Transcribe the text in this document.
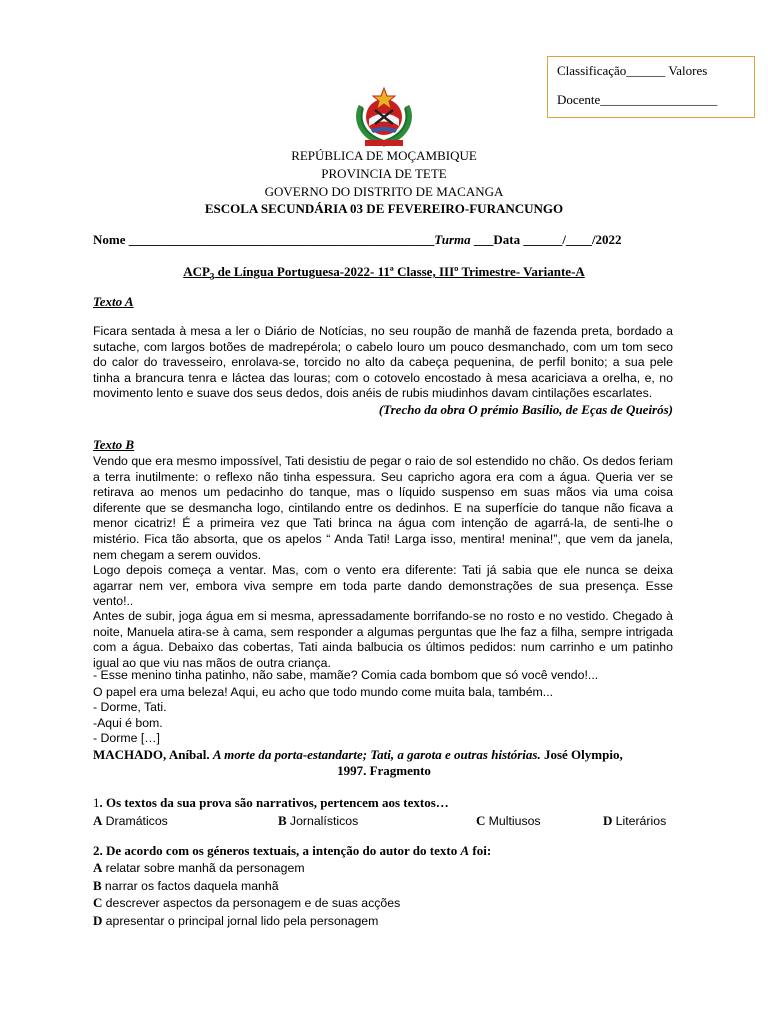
Classificação______ Valores
Docente__________________
REPÚBLICA DE MOÇAMBIQUE
PROVINCIA DE TETE
GOVERNO DO DISTRITO DE MACANGA
ESCOLA SECUNDÁRIA 03 DE FEVEREIRO-FURANCUNGO
Nome _______________________________________________Turma ___Data ______/____/2022
$ACP_3$ de Língua Portuguesa-2022- 11ª Classe, IIIº Trimestre- Variante-A
Texto A
Ficara sentada à mesa a ler o Diário de Notícias, no seu roupão de manhã de fazenda preta, bordado a sutache, com largos botões de madrepérola; o cabelo louro um pouco desmanchado, com um tom seco do calor do travesseiro, enrolava-se, torcido no alto da cabeça pequenina, de perfil bonito; a sua pele tinha a brancura tenra e láctea das louras; com o cotovelo encostado à mesa acariciava a orelha, e, no movimento lento e suave dos seus dedos, dois anéis de rubis miudinhos davam cintilações escarlates.
(Trecho da obra O prémio Basílio, de Eças de Queirós)
Texto B
Vendo que era mesmo impossível, Tati desistiu de pegar o raio de sol estendido no chão. Os dedos feriam a terra inutilmente: o reflexo não tinha espessura. Seu capricho agora era com a água. Queria ver se retirava ao menos um pedacinho do tanque, mas o líquido suspenso em suas mãos via uma coisa diferente que se desmancha logo, cintilando entre os dedinhos. E na superfície do tanque não ficava a menor cicatriz! É a primeira vez que Tati brinca na água com intenção de agarrá-la, de senti-lhe o mistério. Fica tão absorta, que os apelos “ Anda Tati! Larga isso, mentira! menina!”, que vem da janela, nem chegam a serem ouvidos.
Logo depois começa a ventar. Mas, com o vento era diferente: Tati já sabia que ele nunca se deixa agarrar nem ver, embora viva sempre em toda parte dando demonstrações de sua presença. Esse vento!..
Antes de subir, joga água em si mesma, apressadamente borrifando-se no rosto e no vestido. Chegado à noite, Manuela atira-se à cama, sem responder a algumas perguntas que lhe faz a filha, sempre intrigada com a água. Debaixo das cobertas, Tati ainda balbucia os últimos pedidos: num carrinho e um patinho igual ao que viu nas mãos de outra criança.
- Esse menino tinha patinho, não sabe, mamãe? Comia cada bombom que só você vendo!...
O papel era uma beleza! Aqui, eu acho que todo mundo come muita bala, também...
- Dorme, Tati.
-Aqui é bom.
- Dorme […]
MACHADO, Aníbal. A morte da porta-estandarte; Tati, a garota e outras histórias. José Olympio,
1997. Fragmento
1. Os textos da sua prova são narrativos, pertencem aos textos…
A Dramáticos	B Jornalísticos	C Multiusos	D Literários
2. De acordo com os géneros textuais, a intenção do autor do texto A foi:
A relatar sobre manhã da personagem
B narrar os factos daquela manhã
C descrever aspectos da personagem e de suas acções
D apresentar o principal jornal lido pela personagem
